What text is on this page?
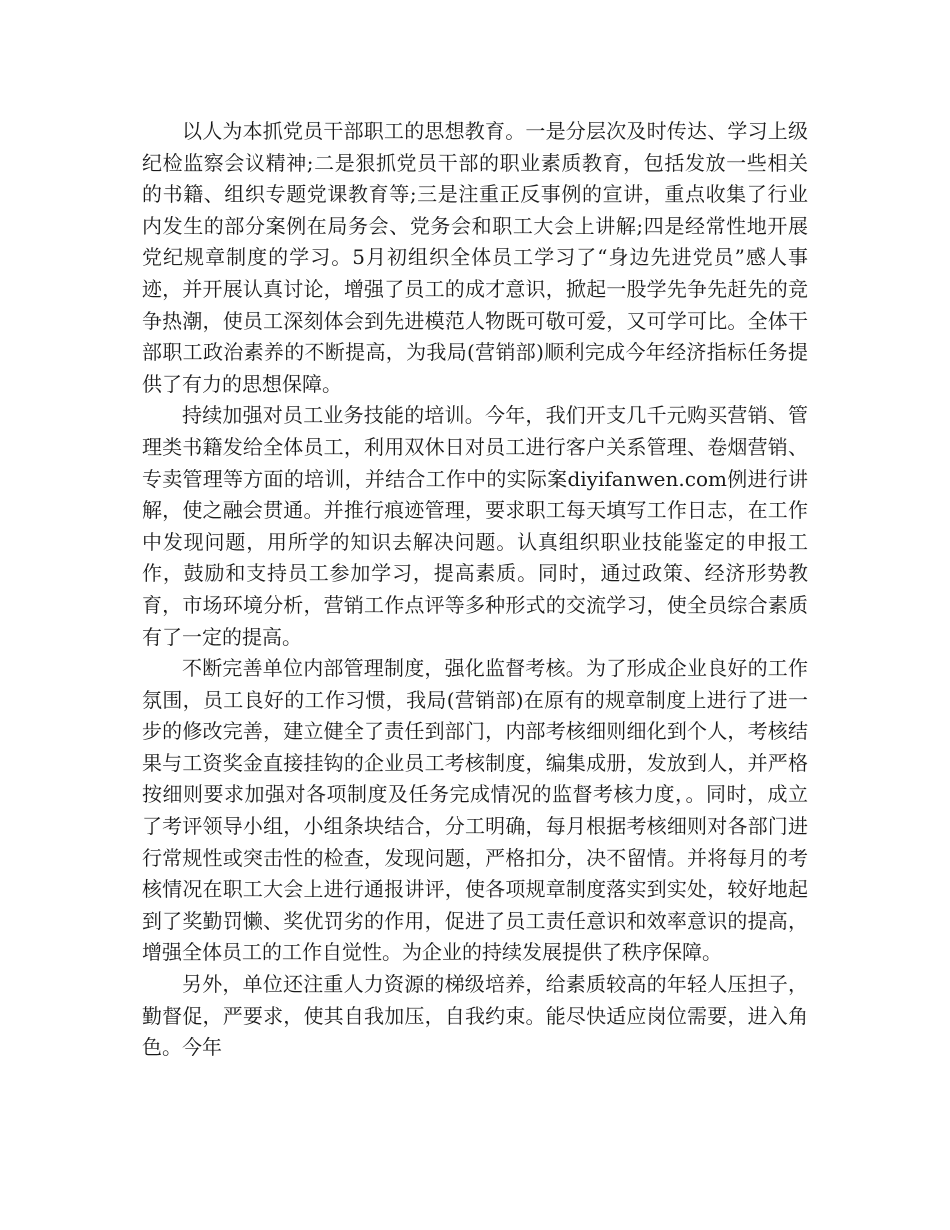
以人为本抓党员干部职工的思想教育。一是分层次及时传达、学习上级纪检监察会议精神;二是狠抓党员干部的职业素质教育，包括发放一些相关的书籍、组织专题党课教育等;三是注重正反事例的宣讲，重点收集了行业内发生的部分案例在局务会、党务会和职工大会上讲解;四是经常性地开展党纪规章制度的学习。5月初组织全体员工学习了“身边先进党员”感人事迹，并开展认真讨论，增强了员工的成才意识，掀起一股学先争先赶先的竞争热潮，使员工深刻体会到先进模范人物既可敬可爱，又可学可比。全体干部职工政治素养的不断提高，为我局(营销部)顺利完成今年经济指标任务提供了有力的思想保障。

持续加强对员工业务技能的培训。今年，我们开支几千元购买营销、管理类书籍发给全体员工，利用双休日对员工进行客户关系管理、卷烟营销、专卖管理等方面的培训，并结合工作中的实际案diyifanwen.com例进行讲解，使之融会贯通。并推行痕迹管理，要求职工每天填写工作日志，在工作中发现问题，用所学的知识去解决问题。认真组织职业技能鉴定的申报工作，鼓励和支持员工参加学习，提高素质。同时，通过政策、经济形势教育，市场环境分析，营销工作点评等多种形式的交流学习，使全员综合素质有了一定的提高。

不断完善单位内部管理制度，强化监督考核。为了形成企业良好的工作氛围，员工良好的工作习惯，我局(营销部)在原有的规章制度上进行了进一步的修改完善，建立健全了责任到部门，内部考核细则细化到个人，考核结果与工资奖金直接挂钩的企业员工考核制度，编集成册，发放到人，并严格按细则要求加强对各项制度及任务完成情况的监督考核力度，。同时，成立了考评领导小组，小组条块结合，分工明确，每月根据考核细则对各部门进行常规性或突击性的检查，发现问题，严格扣分，决不留情。并将每月的考核情况在职工大会上进行通报讲评，使各项规章制度落实到实处，较好地起到了奖勤罚懒、奖优罚劣的作用，促进了员工责任意识和效率意识的提高，增强全体员工的工作自觉性。为企业的持续发展提供了秩序保障。

另外，单位还注重人力资源的梯级培养，给素质较高的年轻人压担子，勤督促，严要求，使其自我加压，自我约束。能尽快适应岗位需要，进入角色。今年
